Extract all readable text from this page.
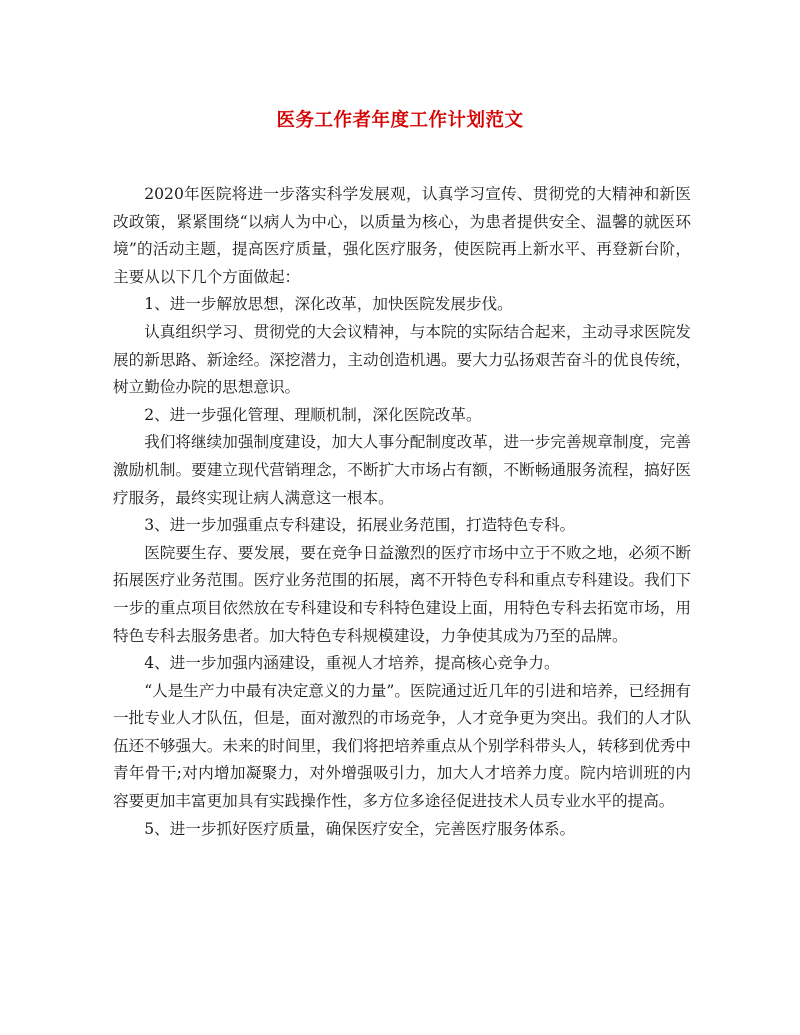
医务工作者年度工作计划范文

2020年医院将进一步落实科学发展观，认真学习宣传、贯彻党的大精神和新医改政策，紧紧围绕“以病人为中心，以质量为核心，为患者提供安全、温馨的就医环境”的活动主题，提高医疗质量，强化医疗服务，使医院再上新水平、再登新台阶，主要从以下几个方面做起：

1、进一步解放思想，深化改革，加快医院发展步伐。

认真组织学习、贯彻党的大会议精神，与本院的实际结合起来，主动寻求医院发展的新思路、新途经。深挖潜力，主动创造机遇。要大力弘扬艰苦奋斗的优良传统，树立勤俭办院的思想意识。

2、进一步强化管理、理顺机制，深化医院改革。

我们将继续加强制度建设，加大人事分配制度改革，进一步完善规章制度，完善激励机制。要建立现代营销理念，不断扩大市场占有额，不断畅通服务流程，搞好医疗服务，最终实现让病人满意这一根本。

3、进一步加强重点专科建设，拓展业务范围，打造特色专科。

医院要生存、要发展，要在竞争日益激烈的医疗市场中立于不败之地，必须不断拓展医疗业务范围。医疗业务范围的拓展，离不开特色专科和重点专科建设。我们下一步的重点项目依然放在专科建设和专科特色建设上面，用特色专科去拓宽市场，用特色专科去服务患者。加大特色专科规模建设，力争使其成为乃至的品牌。

4、进一步加强内涵建设，重视人才培养，提高核心竞争力。

“人是生产力中最有决定意义的力量”。医院通过近几年的引进和培养，已经拥有一批专业人才队伍，但是，面对激烈的市场竞争，人才竞争更为突出。我们的人才队伍还不够强大。未来的时间里，我们将把培养重点从个别学科带头人，转移到优秀中青年骨干;对内增加凝聚力，对外增强吸引力，加大人才培养力度。院内培训班的内容要更加丰富更加具有实践操作性，多方位多途径促进技术人员专业水平的提高。

5、进一步抓好医疗质量，确保医疗安全，完善医疗服务体系。
